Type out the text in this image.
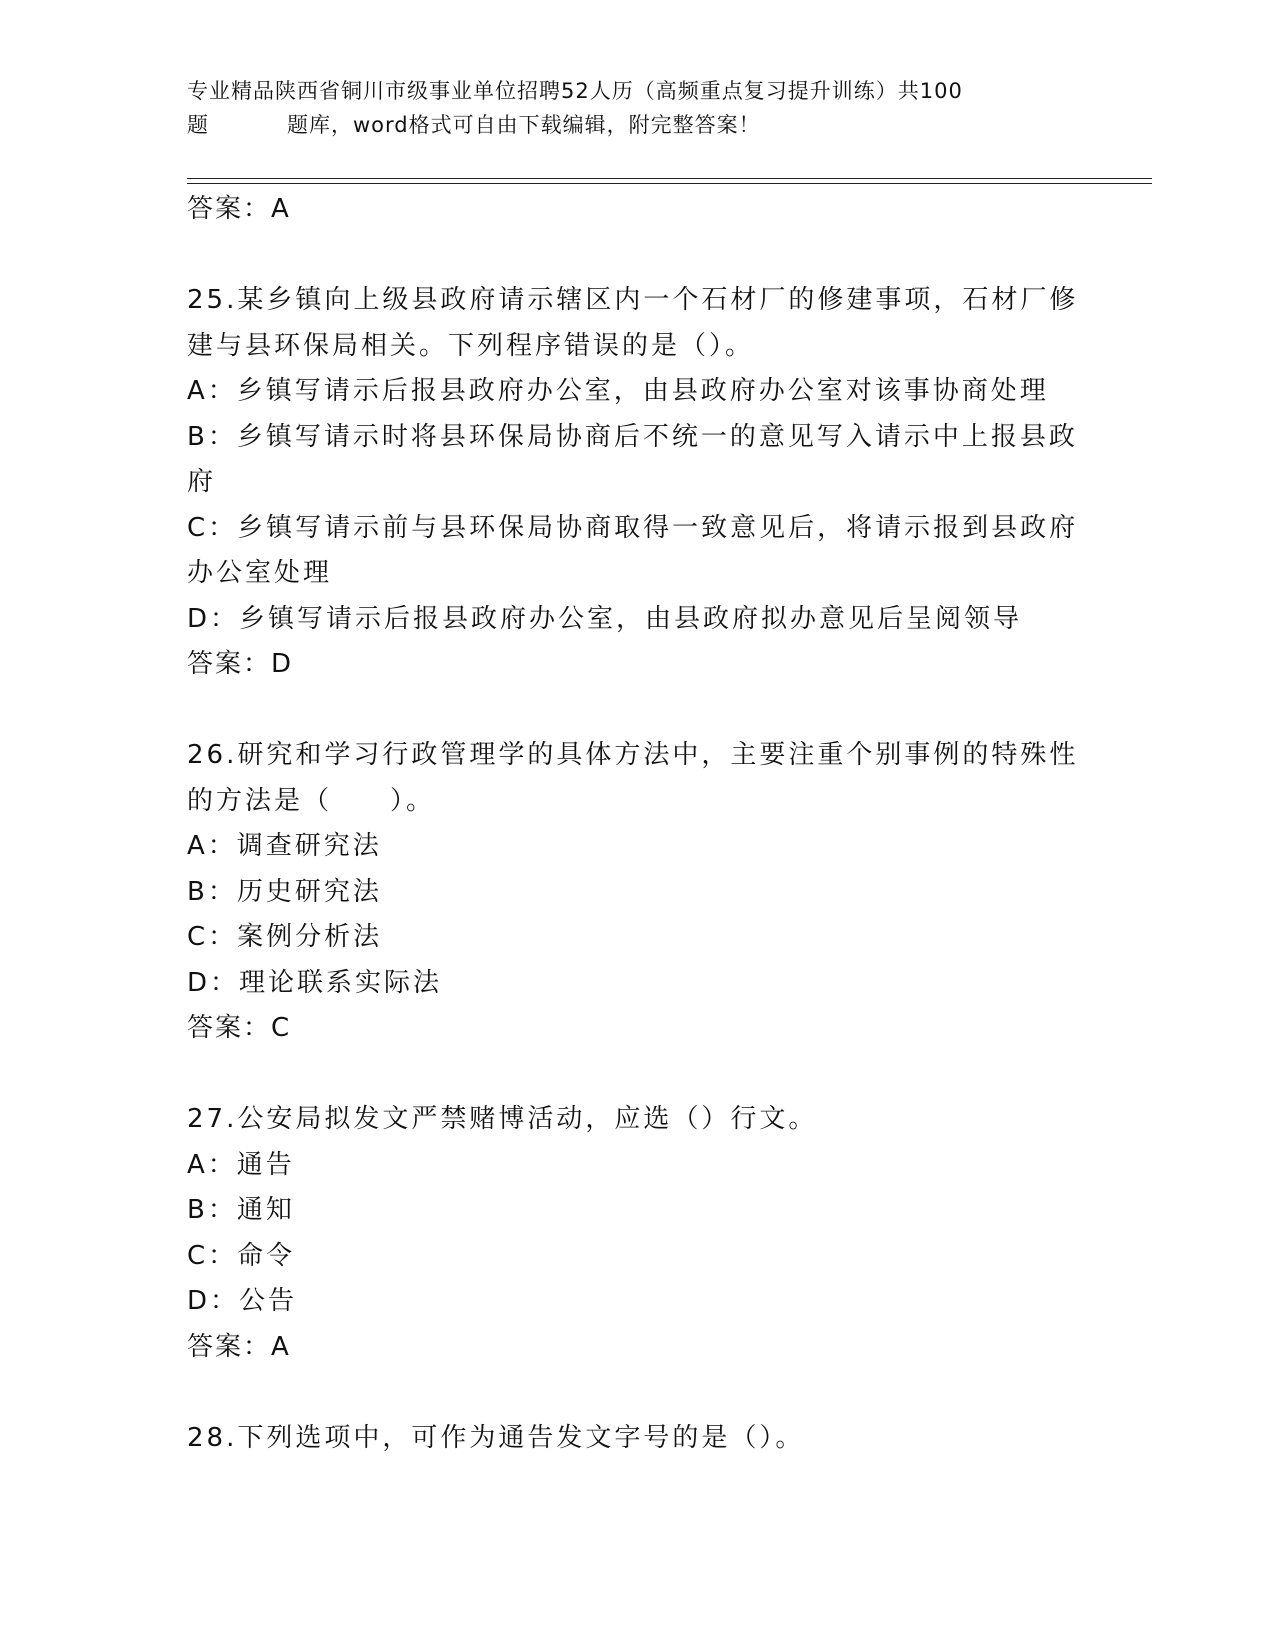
专业精品陕西省铜川市级事业单位招聘52人历（高频重点复习提升训练）共100
题	题库，word格式可自由下载编辑，附完整答案！
答案：A
25.某乡镇向上级县政府请示辖区内一个石材厂的修建事项，石材厂修
建与县环保局相关。下列程序错误的是（）。
A：乡镇写请示后报县政府办公室，由县政府办公室对该事协商处理
B：乡镇写请示时将县环保局协商后不统一的意见写入请示中上报县政
府
C：乡镇写请示前与县环保局协商取得一致意见后，将请示报到县政府
办公室处理
D：乡镇写请示后报县政府办公室，由县政府拟办意见后呈阅领导
答案：D
26.研究和学习行政管理学的具体方法中，主要注重个别事例的特殊性
的方法是（　　）。
A：调查研究法
B：历史研究法
C：案例分析法
D：理论联系实际法
答案：C
27.公安局拟发文严禁赌博活动，应选（）行文。
A：通告
B：通知
C：命令
D：公告
答案：A
28.下列选项中，可作为通告发文字号的是（）。
